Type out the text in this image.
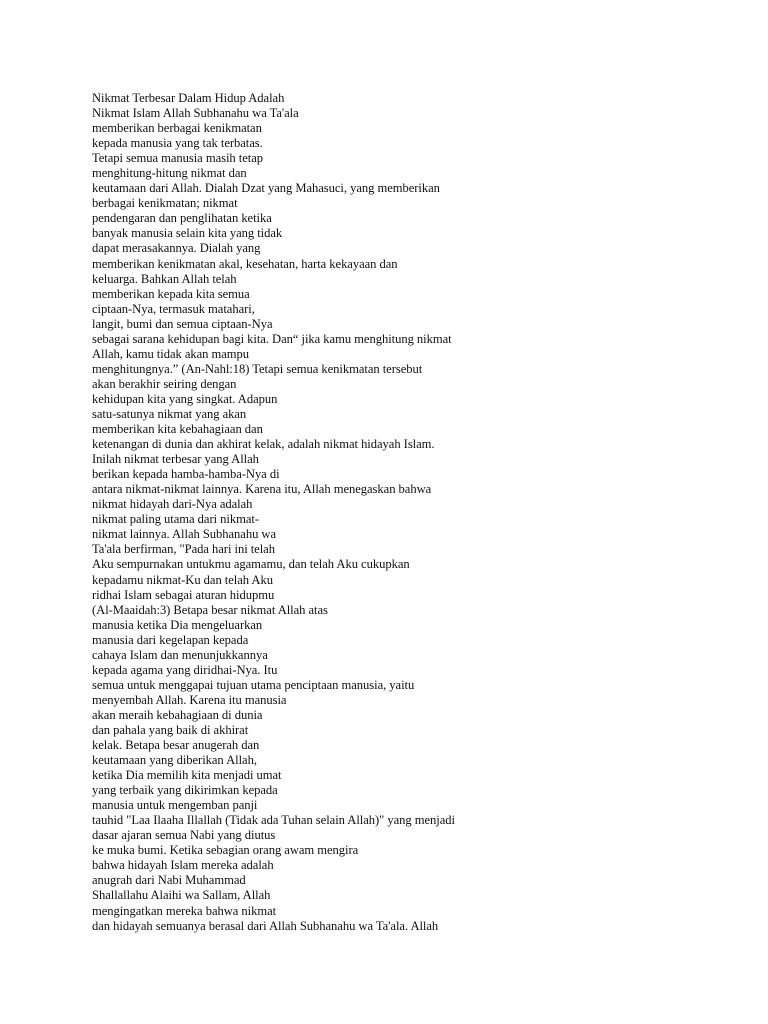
Nikmat Terbesar Dalam Hidup Adalah
Nikmat Islam Allah Subhanahu wa Ta'ala
memberikan berbagai kenikmatan
kepada manusia yang tak terbatas.
Tetapi semua manusia masih tetap
menghitung-hitung nikmat dan
keutamaan dari Allah. Dialah Dzat yang Mahasuci, yang memberikan
berbagai kenikmatan; nikmat
pendengaran dan penglihatan ketika
banyak manusia selain kita yang tidak
dapat merasakannya. Dialah yang
memberikan kenikmatan akal, kesehatan, harta kekayaan dan
keluarga. Bahkan Allah telah
memberikan kepada kita semua
ciptaan-Nya, termasuk matahari,
langit, bumi dan semua ciptaan-Nya
sebagai sarana kehidupan bagi kita. Dan“ jika kamu menghitung nikmat
Allah, kamu tidak akan mampu
menghitungnya.” (An-Nahl:18) Tetapi semua kenikmatan tersebut
akan berakhir seiring dengan
kehidupan kita yang singkat. Adapun
satu-satunya nikmat yang akan
memberikan kita kebahagiaan dan
ketenangan di dunia dan akhirat kelak, adalah nikmat hidayah Islam.
Inilah nikmat terbesar yang Allah
berikan kepada hamba-hamba-Nya di
antara nikmat-nikmat lainnya. Karena itu, Allah menegaskan bahwa
nikmat hidayah dari-Nya adalah
nikmat paling utama dari nikmat-
nikmat lainnya. Allah Subhanahu wa
Ta'ala berfirman, "Pada hari ini telah
Aku sempurnakan untukmu agamamu, dan telah Aku cukupkan
kepadamu nikmat-Ku dan telah Aku
ridhai Islam sebagai aturan hidupmu
(Al-Maaidah:3) Betapa besar nikmat Allah atas
manusia ketika Dia mengeluarkan
manusia dari kegelapan kepada
cahaya Islam dan menunjukkannya
kepada agama yang diridhai-Nya. Itu
semua untuk menggapai tujuan utama penciptaan manusia, yaitu
menyembah Allah. Karena itu manusia
akan meraih kebahagiaan di dunia
dan pahala yang baik di akhirat
kelak. Betapa besar anugerah dan
keutamaan yang diberikan Allah,
ketika Dia memilih kita menjadi umat
yang terbaik yang dikirimkan kepada
manusia untuk mengemban panji
tauhid "Laa Ilaaha Illallah (Tidak ada Tuhan selain Allah)" yang menjadi
dasar ajaran semua Nabi yang diutus
ke muka bumi. Ketika sebagian orang awam mengira
bahwa hidayah Islam mereka adalah
anugrah dari Nabi Muhammad
Shallallahu Alaihi wa Sallam, Allah
mengingatkan mereka bahwa nikmat
dan hidayah semuanya berasal dari Allah Subhanahu wa Ta'ala. Allah
